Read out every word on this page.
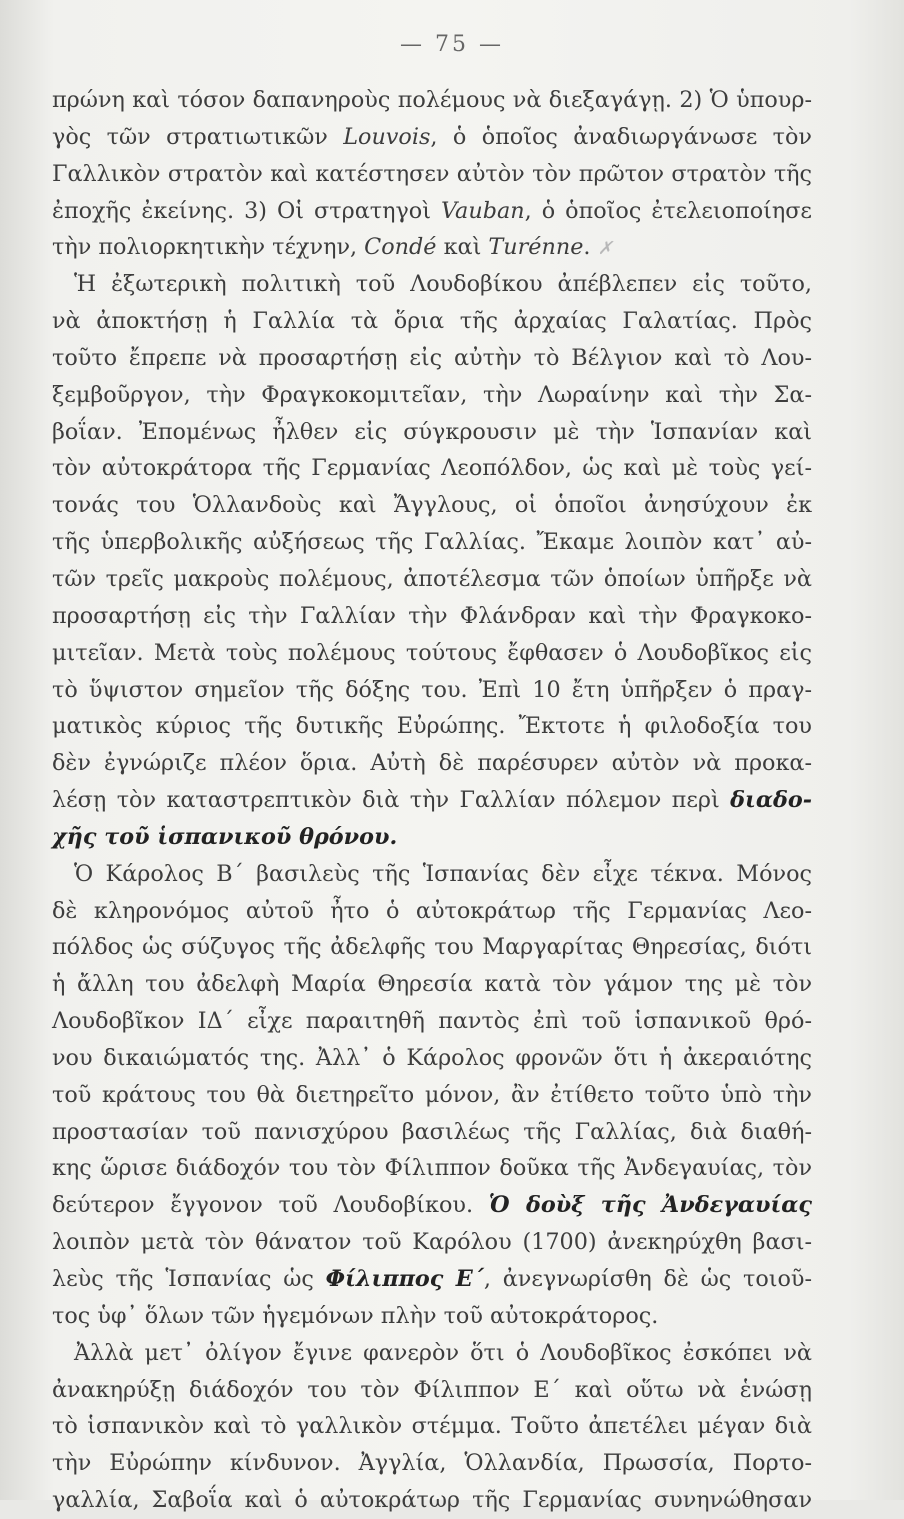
— 75 —
πρώνη καὶ τόσον δαπανηροὺς πολέμους νὰ διεξαγάγῃ. 2) Ὁ ὑπουρ-
γὸς τῶν στρατιωτικῶν Louvois, ὁ ὁποῖος ἀναδιωργάνωσε τὸν
Γαλλικὸν στρατὸν καὶ κατέστησεν αὐτὸν τὸν πρῶτον στρατὸν τῆς
ἐποχῆς ἐκείνης. 3) Οἱ στρατηγοὶ Vauban, ὁ ὁποῖος ἐτελειοποίησε
τὴν πολιορκητικὴν τέχνην, Condé καὶ Turénne. ✗
Ἡ ἐξωτερικὴ πολιτικὴ τοῦ Λουδοβίκου ἀπέβλεπεν εἰς τοῦτο,
νὰ ἀποκτήσῃ ἡ Γαλλία τὰ ὅρια τῆς ἀρχαίας Γαλατίας. Πρὸς
τοῦτο ἔπρεπε νὰ προσαρτήσῃ εἰς αὐτὴν τὸ Βέλγιον καὶ τὸ Λου-
ξεμβοῦργον, τὴν Φραγκοκομιτεῖαν, τὴν Λωραίνην καὶ τὴν Σα-
βοΐαν. Ἐπομένως ἦλθεν εἰς σύγκρουσιν μὲ τὴν Ἱσπανίαν καὶ
τὸν αὐτοκράτορα τῆς Γερμανίας Λεοπόλδον, ὡς καὶ μὲ τοὺς γεί-
τονάς του Ὁλλανδοὺς καὶ Ἄγγλους, οἱ ὁποῖοι ἀνησύχουν ἐκ
τῆς ὑπερβολικῆς αὐξήσεως τῆς Γαλλίας. Ἔκαμε λοιπὸν κατ᾽ αὐ-
τῶν τρεῖς μακροὺς πολέμους, ἀποτέλεσμα τῶν ὁποίων ὑπῆρξε νὰ
προσαρτήσῃ εἰς τὴν Γαλλίαν τὴν Φλάνδραν καὶ τὴν Φραγκοκο-
μιτεῖαν. Μετὰ τοὺς πολέμους τούτους ἔφθασεν ὁ Λουδοβῖκος εἰς
τὸ ὕψιστον σημεῖον τῆς δόξης του. Ἐπὶ 10 ἔτη ὑπῆρξεν ὁ πραγ-
ματικὸς κύριος τῆς δυτικῆς Εὐρώπης. Ἔκτοτε ἡ φιλοδοξία του
δὲν ἐγνώριζε πλέον ὅρια. Αὐτὴ δὲ παρέσυρεν αὐτὸν νὰ προκα-
λέσῃ τὸν καταστρεπτικὸν διὰ τὴν Γαλλίαν πόλεμον περὶ διαδο-
χῆς τοῦ ἱσπανικοῦ θρόνου.
Ὁ Κάρολος Β΄ βασιλεὺς τῆς Ἱσπανίας δὲν εἶχε τέκνα. Μόνος
δὲ κληρονόμος αὐτοῦ ἦτο ὁ αὐτοκράτωρ τῆς Γερμανίας Λεο-
πόλδος ὡς σύζυγος τῆς ἀδελφῆς του Μαργαρίτας Θηρεσίας, διότι
ἡ ἄλλη του ἀδελφὴ Μαρία Θηρεσία κατὰ τὸν γάμον της μὲ τὸν
Λουδοβῖκον ΙΔ΄ εἶχε παραιτηθῆ παντὸς ἐπὶ τοῦ ἱσπανικοῦ θρό-
νου δικαιώματός της. Ἀλλ᾽ ὁ Κάρολος φρονῶν ὅτι ἡ ἀκεραιότης
τοῦ κράτους του θὰ διετηρεῖτο μόνον, ἂν ἐτίθετο τοῦτο ὑπὸ τὴν
προστασίαν τοῦ πανισχύρου βασιλέως τῆς Γαλλίας, διὰ διαθή-
κης ὥρισε διάδοχόν του τὸν Φίλιππον δοῦκα τῆς Ἀνδεγαυίας, τὸν
δεύτερον ἔγγονον τοῦ Λουδοβίκου. Ὁ δοὺξ τῆς Ἀνδεγαυίας
λοιπὸν μετὰ τὸν θάνατον τοῦ Καρόλου (1700) ἀνεκηρύχθη βασι-
λεὺς τῆς Ἱσπανίας ὡς Φίλιππος Ε΄, ἀνεγνωρίσθη δὲ ὡς τοιοῦ-
τος ὑφ᾽ ὅλων τῶν ἡγεμόνων πλὴν τοῦ αὐτοκράτορος.
Ἀλλὰ μετ᾽ ὀλίγον ἔγινε φανερὸν ὅτι ὁ Λουδοβῖκος ἐσκόπει νὰ
ἀνακηρύξῃ διάδοχόν του τὸν Φίλιππον Ε΄ καὶ οὕτω νὰ ἑνώσῃ
τὸ ἱσπανικὸν καὶ τὸ γαλλικὸν στέμμα. Τοῦτο ἀπετέλει μέγαν διὰ
τὴν Εὐρώπην κίνδυνον. Ἀγγλία, Ὁλλανδία, Πρωσσία, Πορτο-
γαλλία, Σαβοΐα καὶ ὁ αὐτοκράτωρ τῆς Γερμανίας συνηνώθησαν
